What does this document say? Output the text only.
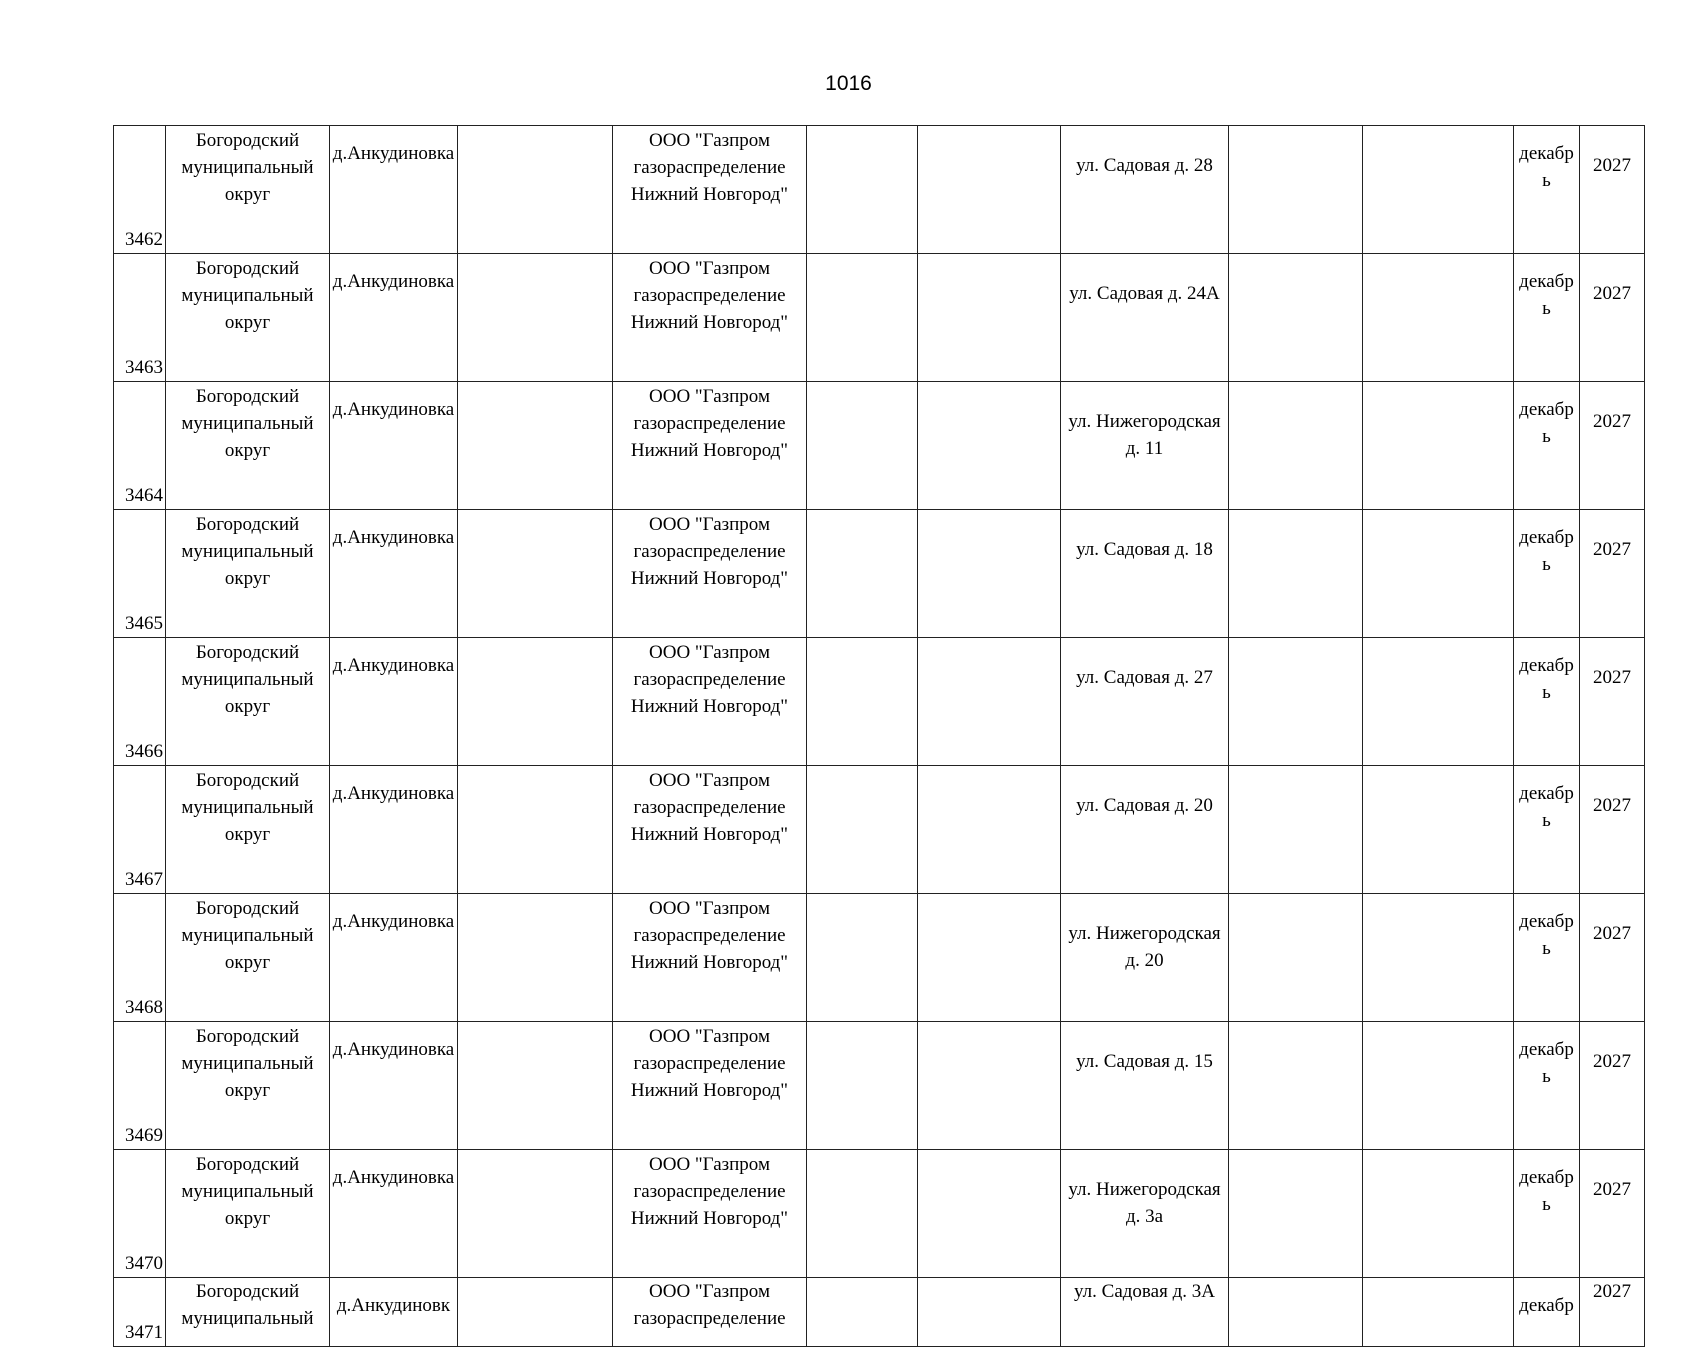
1016
3462	Богородский
муниципальный
округ	д.Анкудиновка		ООО "Газпром
газораспределение
Нижний Новгород"			ул. Садовая д. 28			декабрь	2027
3463	Богородский
муниципальный
округ	д.Анкудиновка		ООО "Газпром
газораспределение
Нижний Новгород"			ул. Садовая д. 24А			декабрь	2027
3464	Богородский
муниципальный
округ	д.Анкудиновка		ООО "Газпром
газораспределение
Нижний Новгород"			ул. Нижегородская д. 11			декабрь	2027
3465	Богородский
муниципальный
округ	д.Анкудиновка		ООО "Газпром
газораспределение
Нижний Новгород"			ул. Садовая д. 18			декабрь	2027
3466	Богородский
муниципальный
округ	д.Анкудиновка		ООО "Газпром
газораспределение
Нижний Новгород"			ул. Садовая д. 27			декабрь	2027
3467	Богородский
муниципальный
округ	д.Анкудиновка		ООО "Газпром
газораспределение
Нижний Новгород"			ул. Садовая д. 20			декабрь	2027
3468	Богородский
муниципальный
округ	д.Анкудиновка		ООО "Газпром
газораспределение
Нижний Новгород"			ул. Нижегородская д. 20			декабрь	2027
3469	Богородский
муниципальный
округ	д.Анкудиновка		ООО "Газпром
газораспределение
Нижний Новгород"			ул. Садовая д. 15			декабрь	2027
3470	Богородский
муниципальный
округ	д.Анкудиновка		ООО "Газпром
газораспределение
Нижний Новгород"			ул. Нижегородская д. 3а			декабрь	2027
3471	Богородский
муниципальный	д.Анкудиновк		ООО "Газпром
газораспределение			ул. Садовая д. 3А			декабр	2027
